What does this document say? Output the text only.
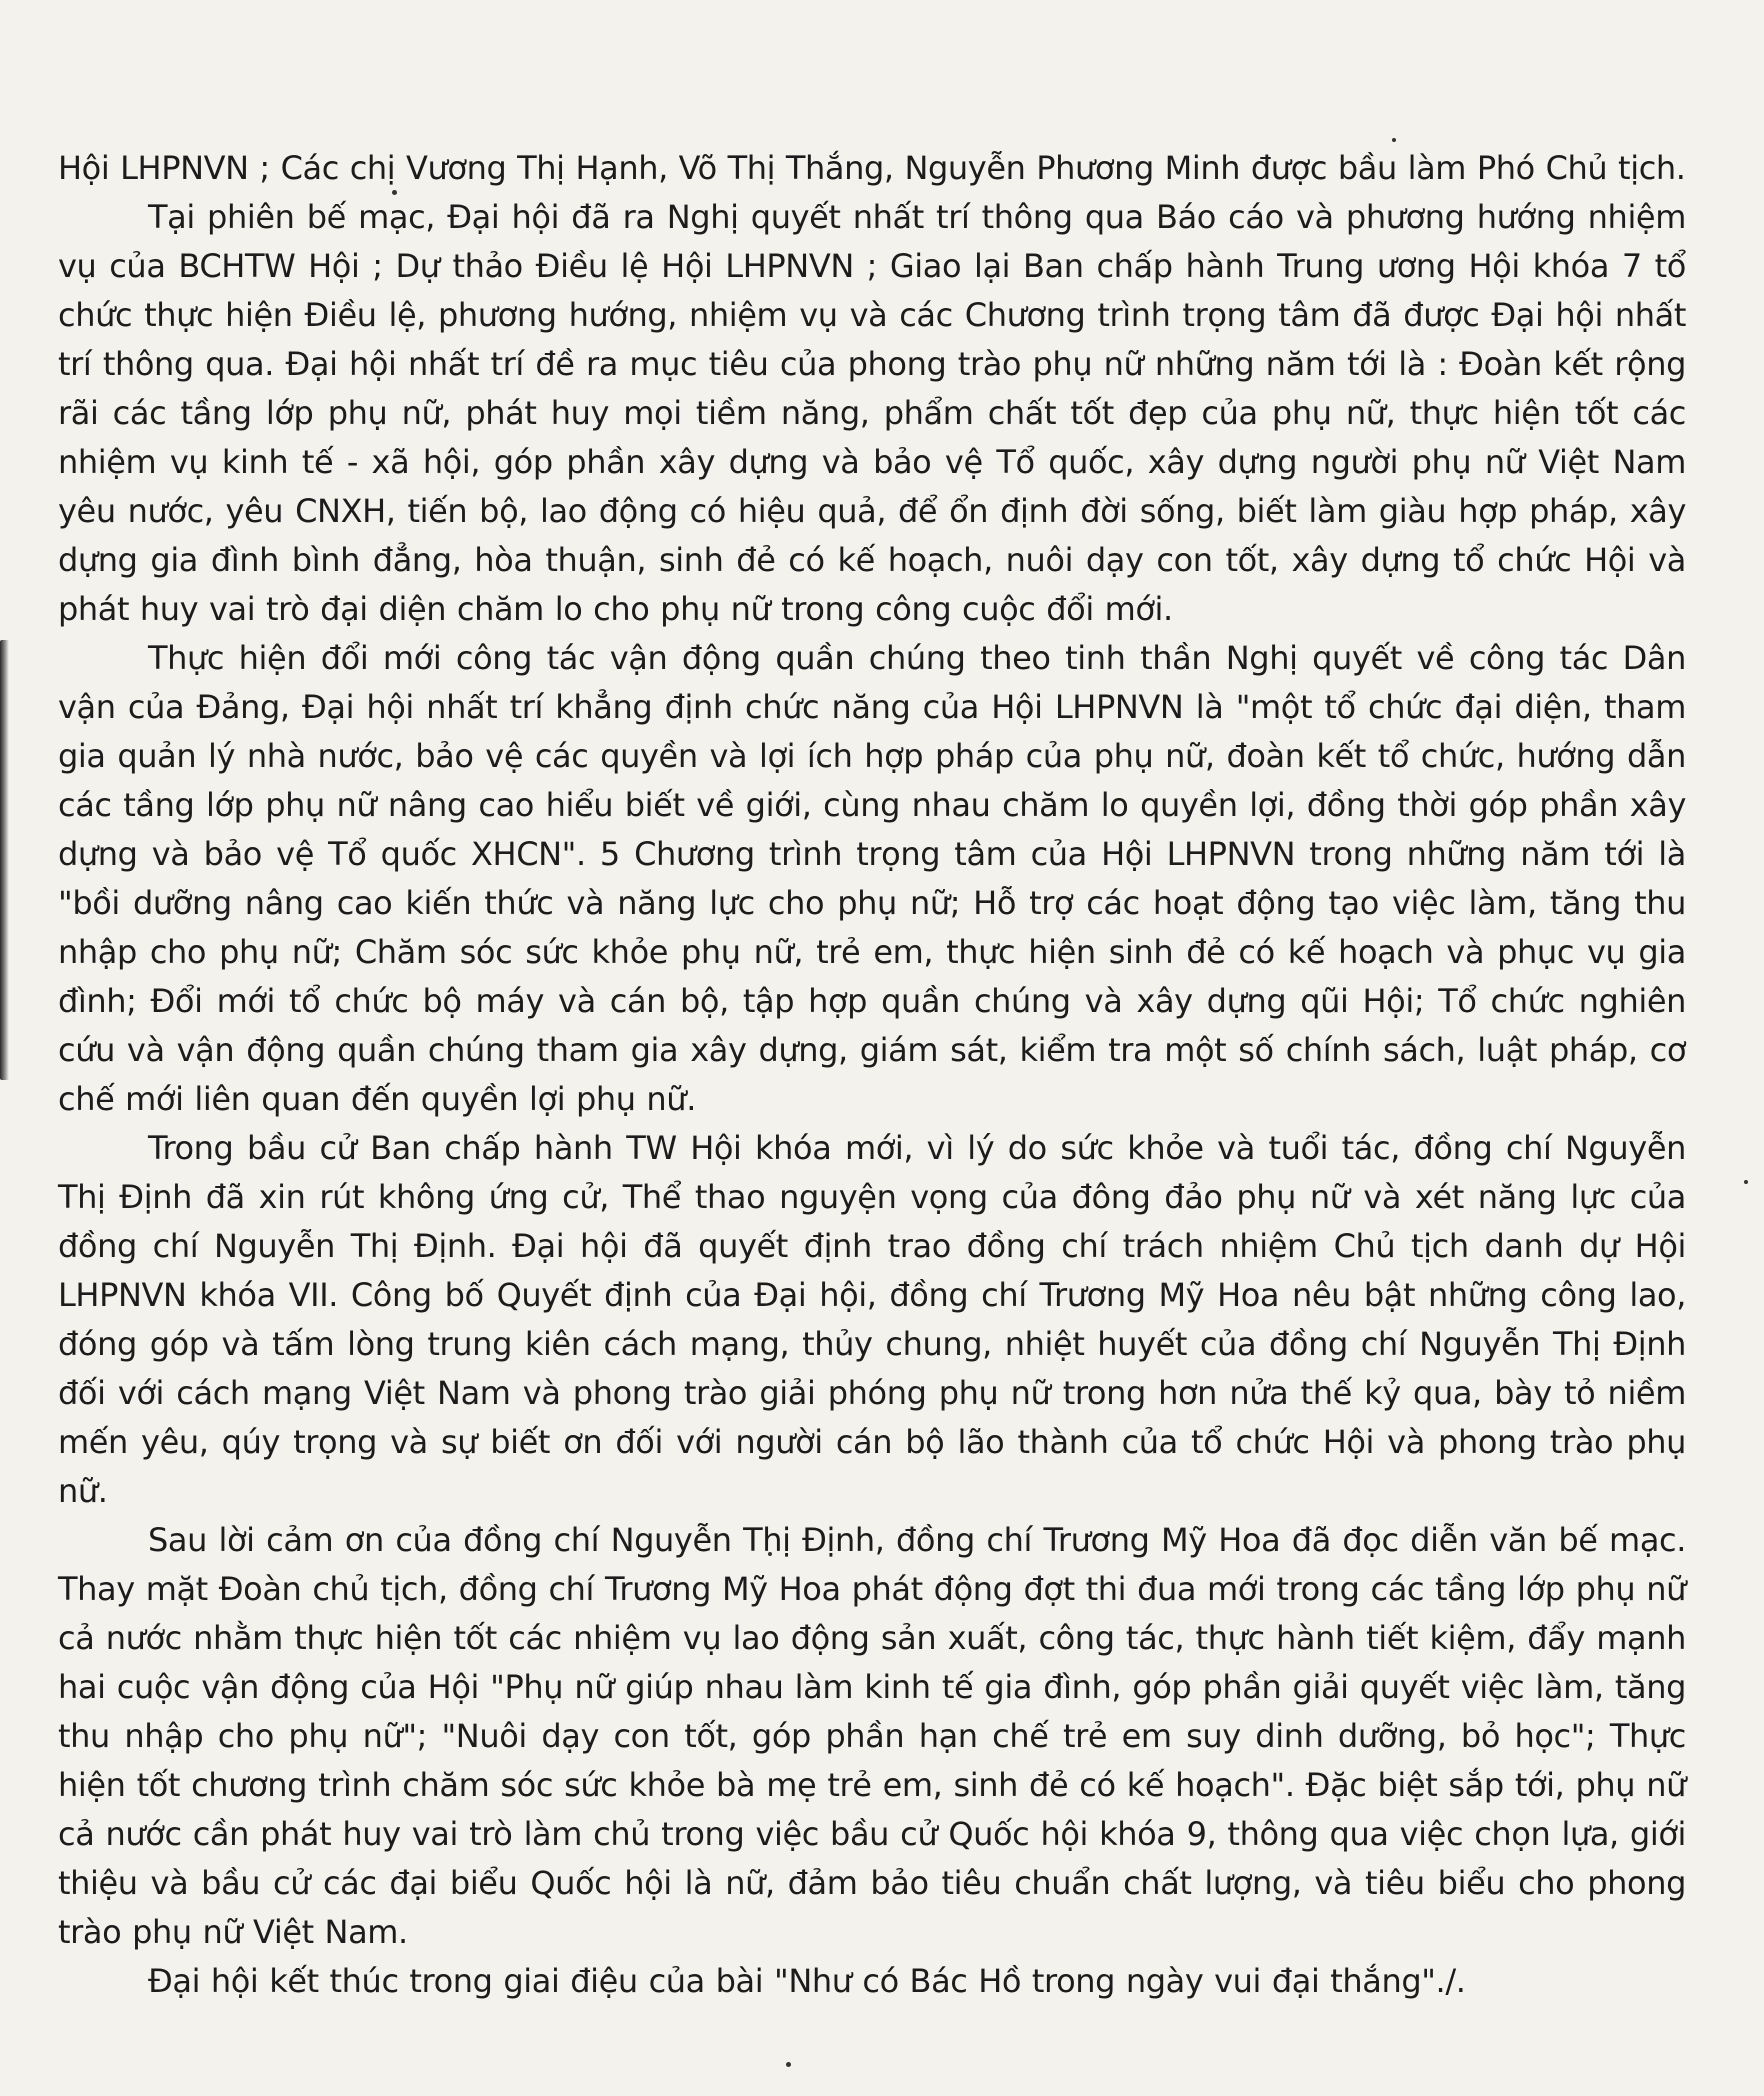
Hội LHPNVN ; Các chị Vương Thị Hạnh, Võ Thị Thắng, Nguyễn Phương Minh được bầu làm Phó Chủ tịch.

Tại phiên bế mạc, Đại hội đã ra Nghị quyết nhất trí thông qua Báo cáo và phương hướng nhiệm vụ của BCHTW Hội ; Dự thảo Điều lệ Hội LHPNVN ; Giao lại Ban chấp hành Trung ương Hội khóa 7 tổ chức thực hiện Điều lệ, phương hướng, nhiệm vụ và các Chương trình trọng tâm đã được Đại hội nhất trí thông qua. Đại hội nhất trí đề ra mục tiêu của phong trào phụ nữ những năm tới là : Đoàn kết rộng rãi các tầng lớp phụ nữ, phát huy mọi tiềm năng, phẩm chất tốt đẹp của phụ nữ, thực hiện tốt các nhiệm vụ kinh tế - xã hội, góp phần xây dựng và bảo vệ Tổ quốc, xây dựng người phụ nữ Việt Nam yêu nước, yêu CNXH, tiến bộ, lao động có hiệu quả, để ổn định đời sống, biết làm giàu hợp pháp, xây dựng gia đình bình đẳng, hòa thuận, sinh đẻ có kế hoạch, nuôi dạy con tốt, xây dựng tổ chức Hội và phát huy vai trò đại diện chăm lo cho phụ nữ trong công cuộc đổi mới.

Thực hiện đổi mới công tác vận động quần chúng theo tinh thần Nghị quyết về công tác Dân vận của Đảng, Đại hội nhất trí khẳng định chức năng của Hội LHPNVN là "một tổ chức đại diện, tham gia quản lý nhà nước, bảo vệ các quyền và lợi ích hợp pháp của phụ nữ, đoàn kết tổ chức, hướng dẫn các tầng lớp phụ nữ nâng cao hiểu biết về giới, cùng nhau chăm lo quyền lợi, đồng thời góp phần xây dựng và bảo vệ Tổ quốc XHCN". 5 Chương trình trọng tâm của Hội LHPNVN trong những năm tới là "bồi dưỡng nâng cao kiến thức và năng lực cho phụ nữ; Hỗ trợ các hoạt động tạo việc làm, tăng thu nhập cho phụ nữ; Chăm sóc sức khỏe phụ nữ, trẻ em, thực hiện sinh đẻ có kế hoạch và phục vụ gia đình; Đổi mới tổ chức bộ máy và cán bộ, tập hợp quần chúng và xây dựng qũi Hội; Tổ chức nghiên cứu và vận động quần chúng tham gia xây dựng, giám sát, kiểm tra một số chính sách, luật pháp, cơ chế mới liên quan đến quyền lợi phụ nữ.

Trong bầu cử Ban chấp hành TW Hội khóa mới, vì lý do sức khỏe và tuổi tác, đồng chí Nguyễn Thị Định đã xin rút không ứng cử, Thể thao nguyện vọng của đông đảo phụ nữ và xét năng lực của đồng chí Nguyễn Thị Định. Đại hội đã quyết định trao đồng chí trách nhiệm Chủ tịch danh dự Hội LHPNVN khóa VII. Công bố Quyết định của Đại hội, đồng chí Trương Mỹ Hoa nêu bật những công lao, đóng góp và tấm lòng trung kiên cách mạng, thủy chung, nhiệt huyết của đồng chí Nguyễn Thị Định đối với cách mạng Việt Nam và phong trào giải phóng phụ nữ trong hơn nửa thế kỷ qua, bày tỏ niềm mến yêu, qúy trọng và sự biết ơn đối với người cán bộ lão thành của tổ chức Hội và phong trào phụ nữ.

Sau lời cảm ơn của đồng chí Nguyễn Thị Định, đồng chí Trương Mỹ Hoa đã đọc diễn văn bế mạc. Thay mặt Đoàn chủ tịch, đồng chí Trương Mỹ Hoa phát động đợt thi đua mới trong các tầng lớp phụ nữ cả nước nhằm thực hiện tốt các nhiệm vụ lao động sản xuất, công tác, thực hành tiết kiệm, đẩy mạnh hai cuộc vận động của Hội "Phụ nữ giúp nhau làm kinh tế gia đình, góp phần giải quyết việc làm, tăng thu nhập cho phụ nữ"; "Nuôi dạy con tốt, góp phần hạn chế trẻ em suy dinh dưỡng, bỏ học"; Thực hiện tốt chương trình chăm sóc sức khỏe bà mẹ trẻ em, sinh đẻ có kế hoạch". Đặc biệt sắp tới, phụ nữ cả nước cần phát huy vai trò làm chủ trong việc bầu cử Quốc hội khóa 9, thông qua việc chọn lựa, giới thiệu và bầu cử các đại biểu Quốc hội là nữ, đảm bảo tiêu chuẩn chất lượng, và tiêu biểu cho phong trào phụ nữ Việt Nam.

Đại hội kết thúc trong giai điệu của bài "Như có Bác Hồ trong ngày vui đại thắng"./.
